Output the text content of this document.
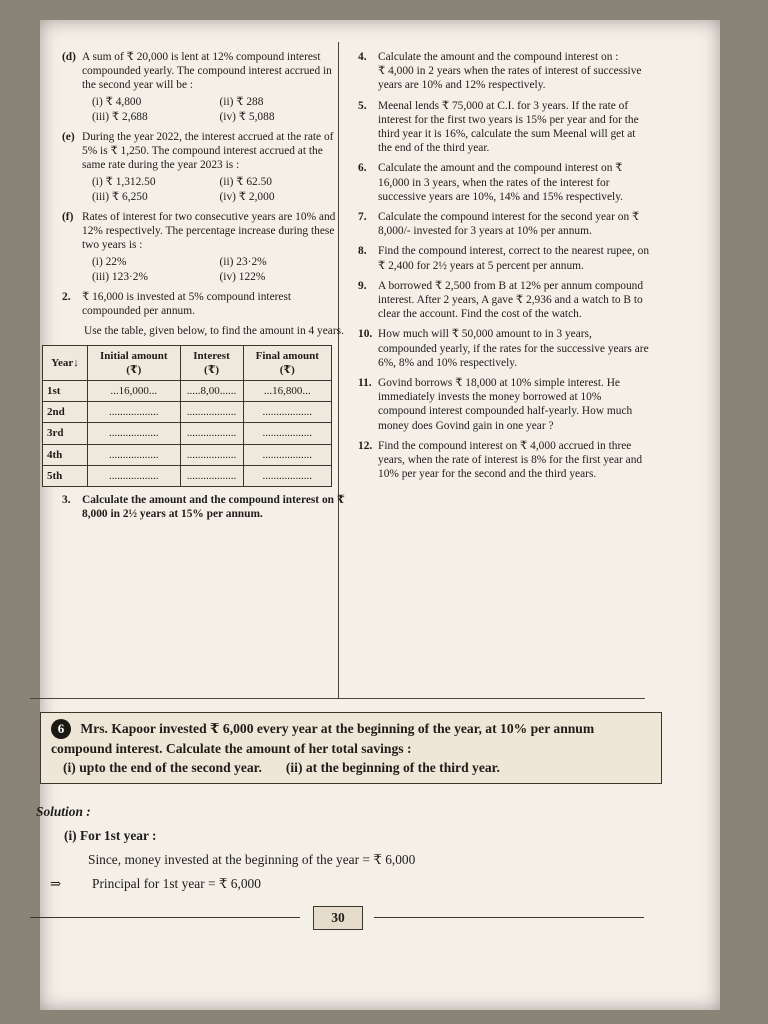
(d) A sum of ₹ 20,000 is lent at 12% compound interest compounded yearly. The compound interest accrued in the second year will be :
(i) ₹ 4,800	(ii) ₹ 288
(iii) ₹ 2,688	(iv) ₹ 5,088
(e) During the year 2022, the interest accrued at the rate of 5% is ₹ 1,250. The compound interest accrued at the same rate during the year 2023 is :
(i) ₹ 1,312.50	(ii) ₹ 62.50
(iii) ₹ 6,250	(iv) ₹ 2,000
(f) Rates of interest for two consecutive years are 10% and 12% respectively. The percentage increase during these two years is :
(i) 22%	(ii) 23·2%
(iii) 123·2%	(iv) 122%
2.	₹ 16,000 is invested at 5% compound interest compounded per annum.
Use the table, given below, to find the amount in 4 years.
Year↓	Initial amount (₹)	Interest (₹)	Final amount (₹)
1st	...16,000...	.....8,00......	...16,800...
2nd	..................	..................	..................
3rd	..................	..................	..................
4th	..................	..................	..................
5th	..................	..................	..................
3.	Calculate the amount and the compound interest on ₹ 8,000 in 2½ years at 15% per annum.
4.	Calculate the amount and the compound interest on :
₹ 4,000 in 2 years when the rates of interest of successive years are 10% and 12% respectively.
5.	Meenal lends ₹ 75,000 at C.I. for 3 years. If the rate of interest for the first two years is 15% per year and for the third year it is 16%, calculate the sum Meenal will get at the end of the third year.
6.	Calculate the amount and the compound interest on ₹ 16,000 in 3 years, when the rates of the interest for successive years are 10%, 14% and 15% respectively.
7.	Calculate the compound interest for the second year on ₹ 8,000/- invested for 3 years at 10% per annum.
8.	Find the compound interest, correct to the nearest rupee, on ₹ 2,400 for 2½ years at 5 percent per annum.
9.	A borrowed ₹ 2,500 from B at 12% per annum compound interest. After 2 years, A gave ₹ 2,936 and a watch to B to clear the account. Find the cost of the watch.
10. How much will ₹ 50,000 amount to in 3 years, compounded yearly, if the rates for the successive years are 6%, 8% and 10% respectively.
11. Govind borrows ₹ 18,000 at 10% simple interest. He immediately invests the money borrowed at 10% compound interest compounded half-yearly. How much money does Govind gain in one year ?
12. Find the compound interest on ₹ 4,000 accrued in three years, when the rate of interest is 8% for the first year and 10% per year for the second and the third years.
6 Mrs. Kapoor invested ₹ 6,000 every year at the beginning of the year, at 10% per annum compound interest. Calculate the amount of her total savings :
(i) upto the end of the second year. (ii) at the beginning of the third year.
Solution :
(i) For 1st year :
Since, money invested at the beginning of the year = ₹ 6,000
⇒	Principal for 1st year = ₹ 6,000
30
